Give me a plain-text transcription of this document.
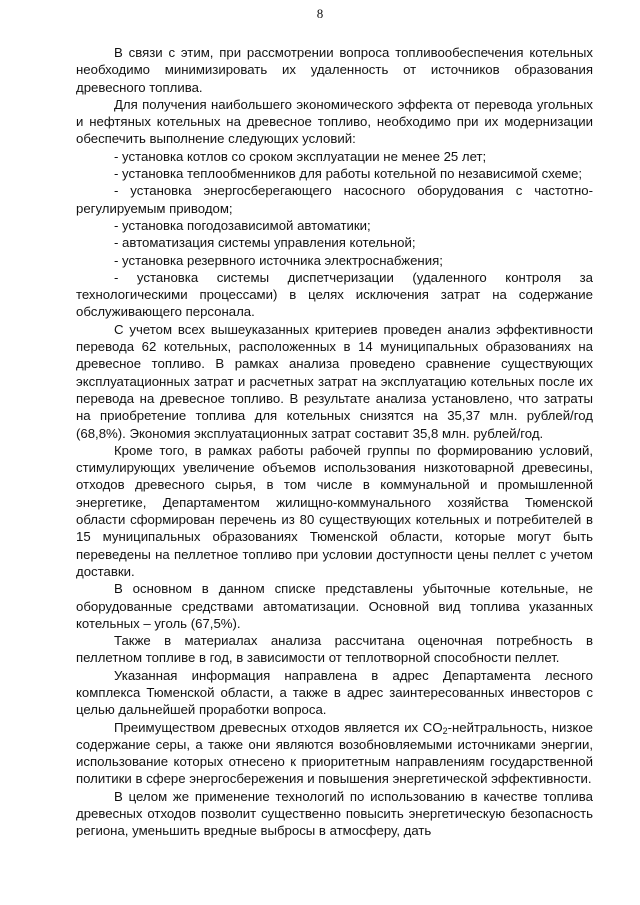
8

В связи с этим, при рассмотрении вопроса топливообеспечения котельных необходимо минимизировать их удаленность от источников образования древесного топлива.

Для получения наибольшего экономического эффекта от перевода угольных и нефтяных котельных на древесное топливо, необходимо при их модернизации обеспечить выполнение следующих условий:

- установка котлов со сроком эксплуатации не менее 25 лет;

- установка теплообменников для работы котельной по независимой схеме;

- установка энергосберегающего насосного оборудования с частотно-регулируемым приводом;

- установка погодозависимой автоматики;

- автоматизация системы управления котельной;

- установка резервного источника электроснабжения;

- установка системы диспетчеризации (удаленного контроля за технологическими процессами) в целях исключения затрат на содержание обслуживающего персонала.

С учетом всех вышеуказанных критериев проведен анализ эффективности перевода 62 котельных, расположенных в 14 муниципальных образованиях на древесное топливо. В рамках анализа проведено сравнение существующих эксплуатационных затрат и расчетных затрат на эксплуатацию котельных после их перевода на древесное топливо. В результате анализа установлено, что затраты на приобретение топлива для котельных снизятся на 35,37 млн. рублей/год (68,8%). Экономия эксплуатационных затрат составит 35,8 млн. рублей/год.

Кроме того, в рамках работы рабочей группы по формированию условий, стимулирующих увеличение объемов использования низкотоварной древесины, отходов древесного сырья, в том числе в коммунальной и промышленной энергетике, Департаментом жилищно-коммунального хозяйства Тюменской области сформирован перечень из 80 существующих котельных и потребителей в 15 муниципальных образованиях Тюменской области, которые могут быть переведены на пеллетное топливо при условии доступности цены пеллет с учетом доставки.

В основном в данном списке представлены убыточные котельные, не оборудованные средствами автоматизации. Основной вид топлива указанных котельных – уголь (67,5%).

Также в материалах анализа рассчитана оценочная потребность в пеллетном топливе в год, в зависимости от теплотворной способности пеллет.

Указанная информация направлена в адрес Департамента лесного комплекса Тюменской области, а также в адрес заинтересованных инвесторов с целью дальнейшей проработки вопроса.

Преимуществом древесных отходов является их $CO_2$-нейтральность, низкое содержание серы, а также они являются возобновляемыми источниками энергии, использование которых отнесено к приоритетным направлениям государственной политики в сфере энергосбережения и повышения энергетической эффективности.

В целом же применение технологий по использованию в качестве топлива древесных отходов позволит существенно повысить энергетическую безопасность региона, уменьшить вредные выбросы в атмосферу, дать
